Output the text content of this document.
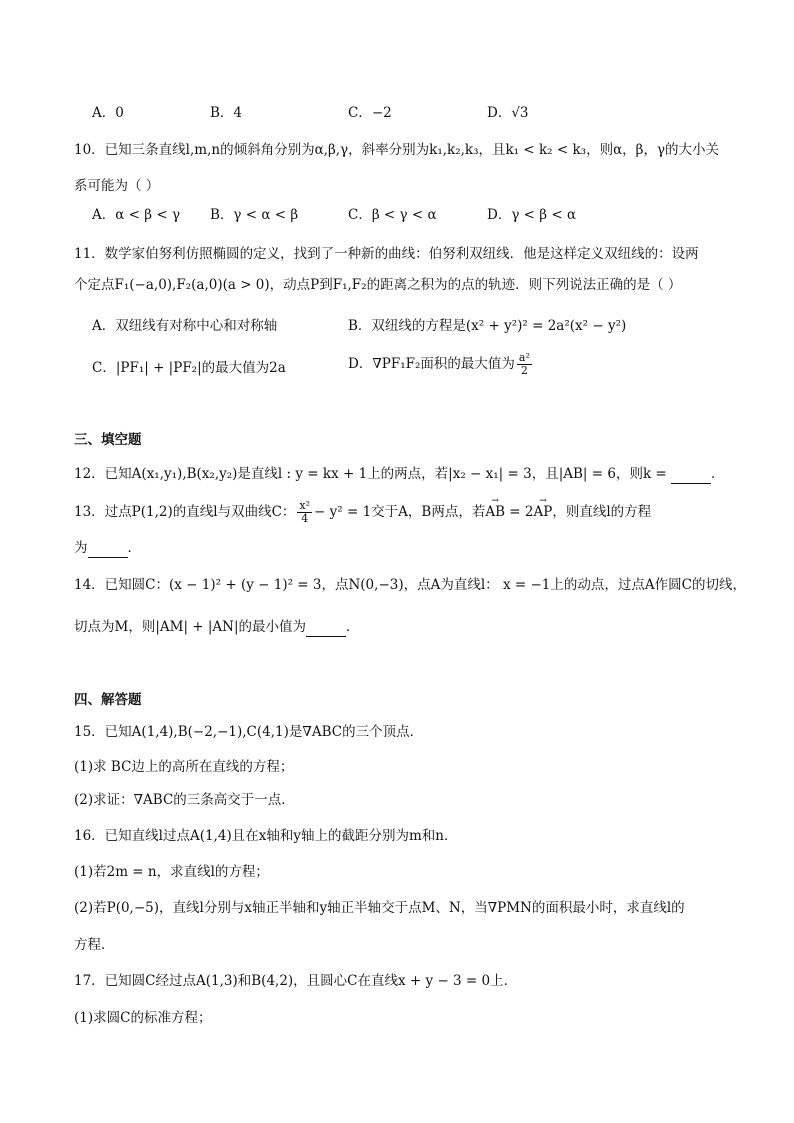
A．0	B．4	C．−2	D．√3
10．已知三条直线l,m,n的倾斜角分别为α,β,γ，斜率分别为k₁,k₂,k₃，且k₁ < k₂ < k₃，则α，β，γ的大小关
系可能为（ ）
A．α < β < γ B．γ < α < β	C．β < γ < α	D．γ < β < α
11．数学家伯努利仿照椭圆的定义，找到了一种新的曲线：伯努利双纽线．他是这样定义双纽线的：设两
个定点F₁(−a,0),F₂(a,0)(a > 0)，动点P到F₁,F₂的距离之积为的点的轨迹．则下列说法正确的是（ ）
A．双纽线有对称中心和对称轴	B．双纽线的方程是(x² + y²)² = 2a²(x² − y²)
C．|PF₁| + |PF₂|的最大值为2a	D．∇PF₁F₂面积的最大值为 $\frac{\text{a²}}{2}$
三、填空题
12．已知A(x₁,y₁),B(x₂,y₂)是直线l : y = kx + 1上的两点，若|x₂ − x₁| = 3，且|AB| = 6，则k =	．
13．过点P(1,2)的直线l与双曲线C： $\frac{\text{x²}}{4} - y^2 = 1$交于A，B两点，若→ AB = 2→ AP，则直线l的方程
为	．
14．已知圆C：(x − 1)² + (y − 1)² = 3，点N(0,−3)，点A为直线l： x = −1上的动点，过点A作圆C的切线，
切点为M，则|AM| + |AN|的最小值为	．
四、解答题
15．已知A(1,4),B(−2,−1),C(4,1)是∇ABC的三个顶点．
(1)求 BC边上的高所在直线的方程；
(2)求证：∇ABC的三条高交于一点．
16．已知直线l过点A(1,4)且在x轴和y轴上的截距分别为m和n．
(1)若2m = n，求直线l的方程；
(2)若P(0,−5)，直线l分别与x轴正半轴和y轴正半轴交于点M、N，当∇PMN的面积最小时，求直线l的
方程．
17．已知圆C经过点A(1,3)和B(4,2)，且圆心C在直线x + y − 3 = 0上．
(1)求圆C的标准方程；
